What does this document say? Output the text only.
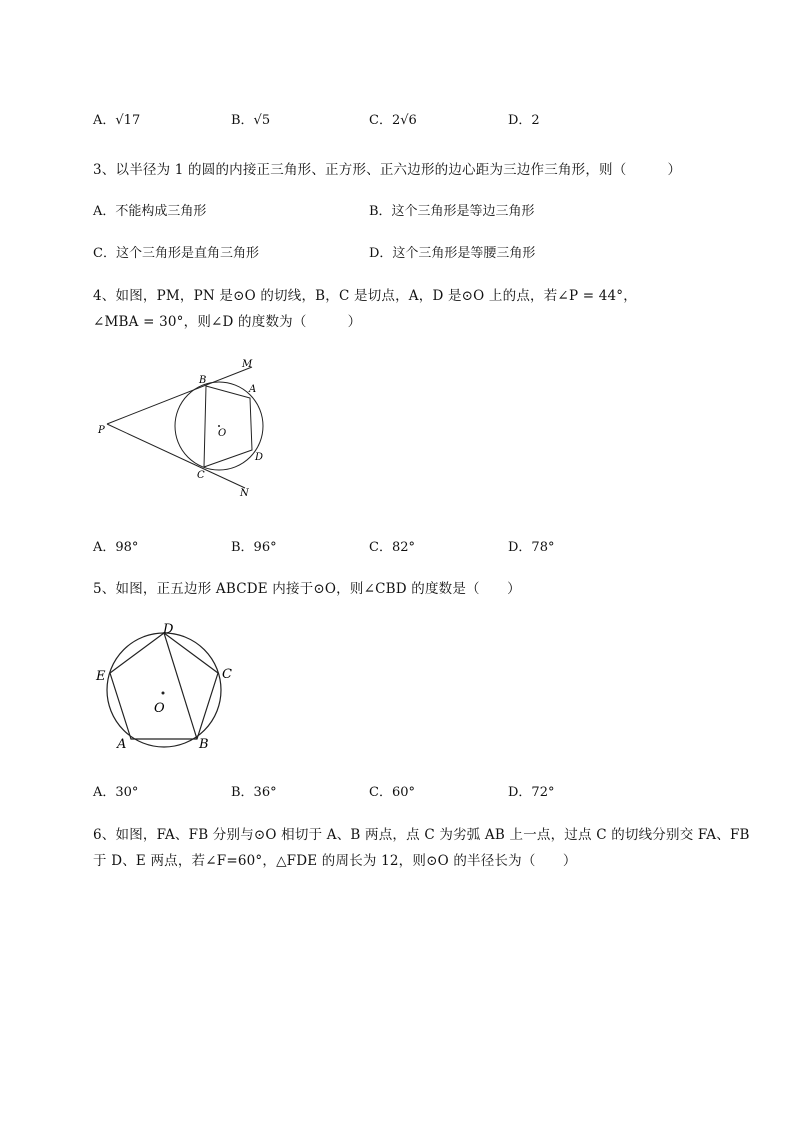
A．√17	B．√5	C．2√6	D．2
3、以半径为 1 的圆的内接正三角形、正方形、正六边形的边心距为三边作三角形，则（　　　）
A．不能构成三角形	B．这个三角形是等边三角形
C．这个三角形是直角三角形	D．这个三角形是等腰三角形
4、如图，PM，PN 是⊙O 的切线，B，C 是切点，A，D 是⊙O 上的点，若∠P = 44°，
∠MBA = 30°，则∠D 的度数为（　　　）
M
B
A
P	O
D
C
N
A．98°	B．96°	C．82°	D．78°
5、如图，正五边形 ABCDE 内接于⊙O，则∠CBD 的度数是（　　）
D
E	C
O
A	B
A．30°	B．36°	C．60°	D．72°
6、如图，FA、FB 分别与⊙O 相切于 A、B 两点，点 C 为劣弧 AB 上一点，过点 C 的切线分别交 FA、FB
于 D、E 两点，若∠F=60°，△FDE 的周长为 12，则⊙O 的半径长为（　　）
